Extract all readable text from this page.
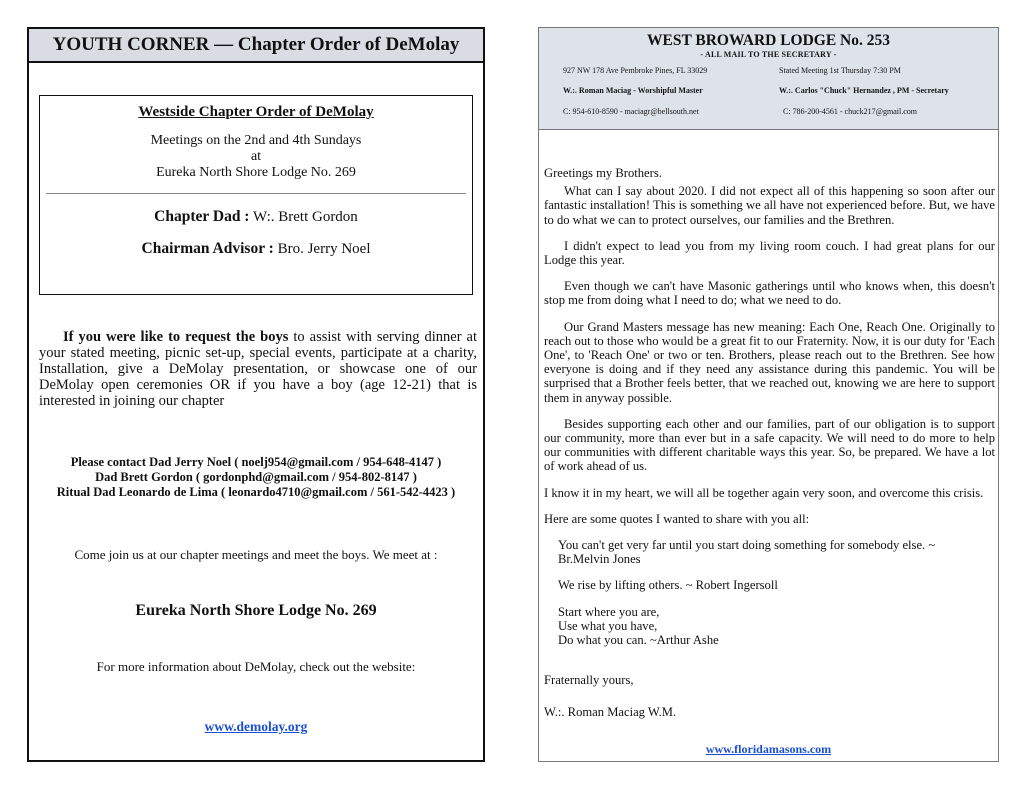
YOUTH CORNER — Chapter Order of DeMolay
Westside Chapter Order of DeMolay
Meetings on the 2nd and 4th Sundays
at
Eureka North Shore Lodge No. 269
Chapter Dad : W:. Brett Gordon
Chairman Advisor : Bro. Jerry Noel
If you were like to request the boys to assist with serving dinner at your stated meeting, picnic set-up, special events, participate at a charity, Installation, give a DeMolay presentation, or showcase one of our DeMolay open ceremonies OR if you have a boy (age 12-21) that is interested in joining our chapter
Please contact Dad Jerry Noel ( noelj954@gmail.com / 954-648-4147 )
Dad Brett Gordon ( gordonphd@gmail.com / 954-802-8147 )
Ritual Dad Leonardo de Lima ( leonardo4710@gmail.com / 561-542-4423 )
Come join us at our chapter meetings and meet the boys. We meet at :
Eureka North Shore Lodge No. 269
For more information about DeMolay, check out the website:
www.demolay.org
WEST BROWARD LODGE No. 253
- ALL MAIL TO THE SECRETARY -
927 NW 178 Ave Pembroke Pines, FL 33029	Stated Meeting 1st Thursday 7:30 PM
W.:. Roman Maciag - Worshipful Master	W.:. Carlos "Chuck" Hernandez , PM - Secretary
C: 954-610-8590 - maciagr@bellsouth.net	C: 786-200-4561 - chuck217@gmail.com

Greetings my Brothers.

What can I say about 2020. I did not expect all of this happening so soon after our fantastic installation! This is something we all have not experienced before. But, we have to do what we can to protect ourselves, our families and the Brethren.

I didn't expect to lead you from my living room couch. I had great plans for our Lodge this year.

Even though we can't have Masonic gatherings until who knows when, this doesn't stop me from doing what I need to do; what we need to do.

Our Grand Masters message has new meaning: Each One, Reach One. Originally to reach out to those who would be a great fit to our Fraternity. Now, it is our duty for 'Each One', to 'Reach One' or two or ten. Brothers, please reach out to the Brethren. See how everyone is doing and if they need any assistance during this pandemic. You will be surprised that a Brother feels better, that we reached out, knowing we are here to support them in anyway possible.

Besides supporting each other and our families, part of our obligation is to support our community, more than ever but in a safe capacity. We will need to do more to help our communities with different charitable ways this year. So, be prepared. We have a lot of work ahead of us.

I know it in my heart, we will all be together again very soon, and overcome this crisis.

Here are some quotes I wanted to share with you all:

You can't get very far until you start doing something for somebody else. ~

Br.Melvin Jones

We rise by lifting others. ~ Robert Ingersoll

Start where you are,

Use what you have,

Do what you can. ~Arthur Ashe

Fraternally yours,

W.:. Roman Maciag W.M.

www.floridamasons.com
